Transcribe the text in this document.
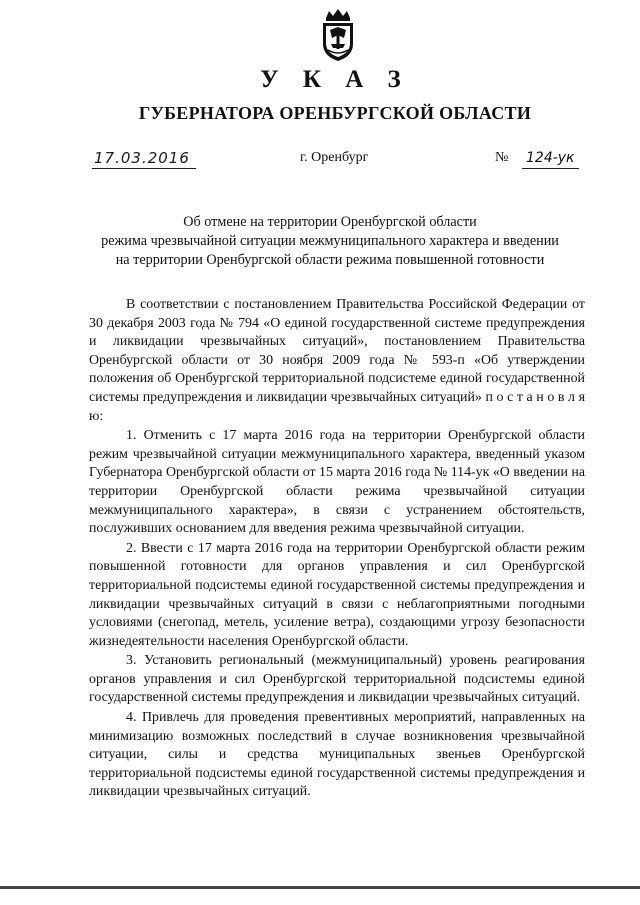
У К А З
ГУБЕРНАТОРА ОРЕНБУРГСКОЙ ОБЛАСТИ
17.03.2016	г. Оренбург	№ 124-ук
Об отмене на территории Оренбургской области
режима чрезвычайной ситуации межмуниципального характера и введении
на территории Оренбургской области режима повышенной готовности

В соответствии с постановлением Правительства Российской Федерации от 30 декабря 2003 года № 794 «О единой государственной системе предупреждения и ликвидации чрезвычайных ситуаций», постановлением Правительства Оренбургской области от 30 ноября 2009 года № 593-п «Об утверждении положения об Оренбургской территориальной подсистеме единой государственной системы предупреждения и ликвидации чрезвычайных ситуаций» п о с т а н о в л я ю:

1. Отменить с 17 марта 2016 года на территории Оренбургской области режим чрезвычайной ситуации межмуниципального характера, введенный указом Губернатора Оренбургской области от 15 марта 2016 года № 114-ук «О введении на территории Оренбургской области режима чрезвычайной ситуации межмуниципального характера», в связи с устранением обстоятельств, послуживших основанием для введения режима чрезвычайной ситуации.

2. Ввести с 17 марта 2016 года на территории Оренбургской области режим повышенной готовности для органов управления и сил Оренбургской территориальной подсистемы единой государственной системы предупреждения и ликвидации чрезвычайных ситуаций в связи с неблагоприятными погодными условиями (снегопад, метель, усиление ветра), создающими угрозу безопасности жизнедеятельности населения Оренбургской области.

3. Установить региональный (межмуниципальный) уровень реагирования органов управления и сил Оренбургской территориальной подсистемы единой государственной системы предупреждения и ликвидации чрезвычайных ситуаций.

4. Привлечь для проведения превентивных мероприятий, направленных на минимизацию возможных последствий в случае возникновения чрезвычайной ситуации, силы и средства муниципальных звеньев Оренбургской территориальной подсистемы единой государственной системы предупреждения и ликвидации чрезвычайных ситуаций.
